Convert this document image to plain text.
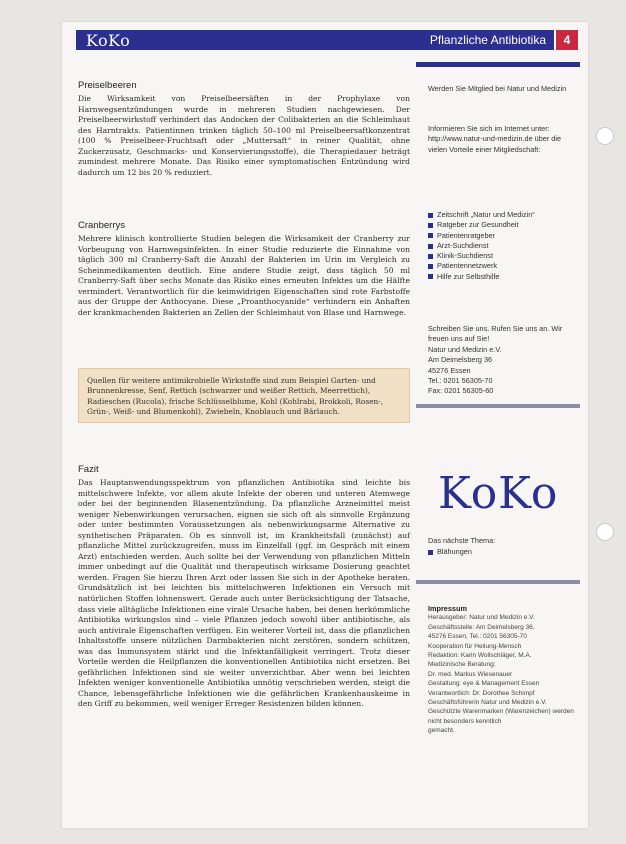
KoKo	Pflanzliche Antibiotika	4
Preiselbeeren

Die Wirksamkeit von Preiselbeersäften in der Prophylaxe von Harnwegsentzündungen wurde in mehreren Studien nachgewiesen. Der Preiselbeerwirkstoff verhindert das Andocken der Colibakterien an die Schleimhaut des Harntrakts. Patientinnen trinken täglich 50–100 ml Preiselbeersaftkonzentrat (100 % Preiselbeer-Fruchtsaft oder „Muttersaft“ in reiner Qualität, ohne Zuckerzusatz, Geschmacks- und Konservierungsstoffe), die Therapiedauer beträgt zumindest mehrere Monate. Das Risiko einer symptomatischen Entzündung wird dadurch um 12 bis 20 % reduziert.

Cranberrys

Mehrere klinisch kontrollierte Studien belegen die Wirksamkeit der Cranberry zur Vorbeugung von Harnwegsinfekten. In einer Studie reduzierte die Einnahme von täglich 300 ml Cranberry-Saft die Anzahl der Bakterien im Urin im Vergleich zu Scheinmedikamenten deutlich. Eine andere Studie zeigt, dass täglich 50 ml Cranberry-Saft über sechs Monate das Risiko eines erneuten Infektes um die Hälfte vermindert. Verantwortlich für die keimwidrigen Eigenschaften sind rote Farbstoffe aus der Gruppe der Anthocyane. Diese „Proanthocyanide“ verhindern ein Anhaften der krankmachenden Bakterien an Zellen der Schleimhaut von Blase und Harnwege.

Quellen für weitere antimikrobielle Wirkstoffe sind zum Beispiel Garten- und Brunnenkresse, Senf, Rettich (schwarzer und weißer Rettich, Meerrettich), Radieschen (Rucola), frische Schlüsselblume, Kohl (Kohlrabi, Brokkoli, Rosen-, Grün-, Weiß- und Blumenkohl), Zwiebeln, Knoblauch und Bärlauch.

Fazit

Das Hauptanwendungsspektrum von pflanzlichen Antibiotika sind leichte bis mittelschwere Infekte, vor allem akute Infekte der oberen und unteren Atemwege oder bei der beginnenden Blasenentzündung. Da pflanzliche Arzneimittel meist weniger Nebenwirkungen verursachen, eignen sie sich oft als sinnvolle Ergänzung oder unter bestimmten Voraussetzungen als nebenwirkungsarme Alternative zu synthetischen Präparaten. Ob es sinnvoll ist, im Krankheitsfall (zunächst) auf pflanzliche Mittel zurückzugreifen, muss im Einzelfall (ggf. im Gespräch mit einem Arzt) entschieden werden. Auch sollte bei der Verwendung von pflanzlichen Mitteln immer unbedingt auf die Qualität und therapeutisch wirksame Dosierung geachtet werden. Fragen Sie hierzu Ihren Arzt oder lassen Sie sich in der Apotheke beraten. Grundsätzlich ist bei leichten bis mittelschweren Infektionen ein Versuch mit natürlichen Stoffen lohnenswert. Gerade auch unter Berücksichtigung der Tatsache, dass viele alltägliche Infektionen eine virale Ursache haben, bei denen herkömmliche Antibiotika wirkungslos sind – viele Pflanzen jedoch sowohl über antibiotische, als auch antivirale Eigenschaften verfügen. Ein weiterer Vorteil ist, dass die pflanzlichen Inhaltsstoffe unsere nützlichen Darmbakterien nicht zerstören, sondern schützen, was das Immunsystem stärkt und die Infektanfälligkeit verringert. Trotz dieser Vorteile werden die Heilpflanzen die konventionellen Antibiotika nicht ersetzen. Bei gefährlichen Infektionen sind sie weiter unverzichtbar. Aber wenn bei leichten Infekten weniger konventionelle Antibiotika unnötig verschrieben werden, steigt die Chance, lebensgefährliche Infektionen wie die gefährlichen Krankenhauskeime in den Griff zu bekommen, weil weniger Erreger Resistenzen bilden können.

Werden Sie Mitglied bei Natur und Medizin
Informieren Sie sich im Internet unter: http://www.natur-und-medizin.de über die vielen Vorteile einer Mitgliedschaft:
Zeitschrift „Natur und Medizin“
Ratgeber zur Gesundheit
Patientenratgeber
Arzt-Suchdienst
Klinik-Suchdienst
Patientennetzwerk
Hilfe zur Selbsthilfe
Schreiben Sie uns. Rufen Sie uns an. Wir freuen uns auf Sie!
Natur und Medizin e.V.
Am Deimelsberg 36
45276 Essen
Tel.: 0201 56305-70
Fax: 0201 56305-60
KoKo
Das nächste Thema:
Blähungen
Impressum
Herausgeber: Natur und Medizin e.V.
Geschäftsstelle: Am Deimelsberg 36,
45276 Essen, Tel.: 0201 56305-70
Kooperation für Heilung-Mensch
Redaktion: Karin Wollschläger, M.A.
Medizinische Beratung:
Dr. med. Markus Wiesenauer
Gestaltung: eye & Management Essen
Verantwortlich: Dr. Dorothee Schimpf
Geschäftsführerin Natur und Medizin e.V.
Geschützte Warenmarken (Warenzeichen) werden nicht besonders kenntlich
gemacht.
